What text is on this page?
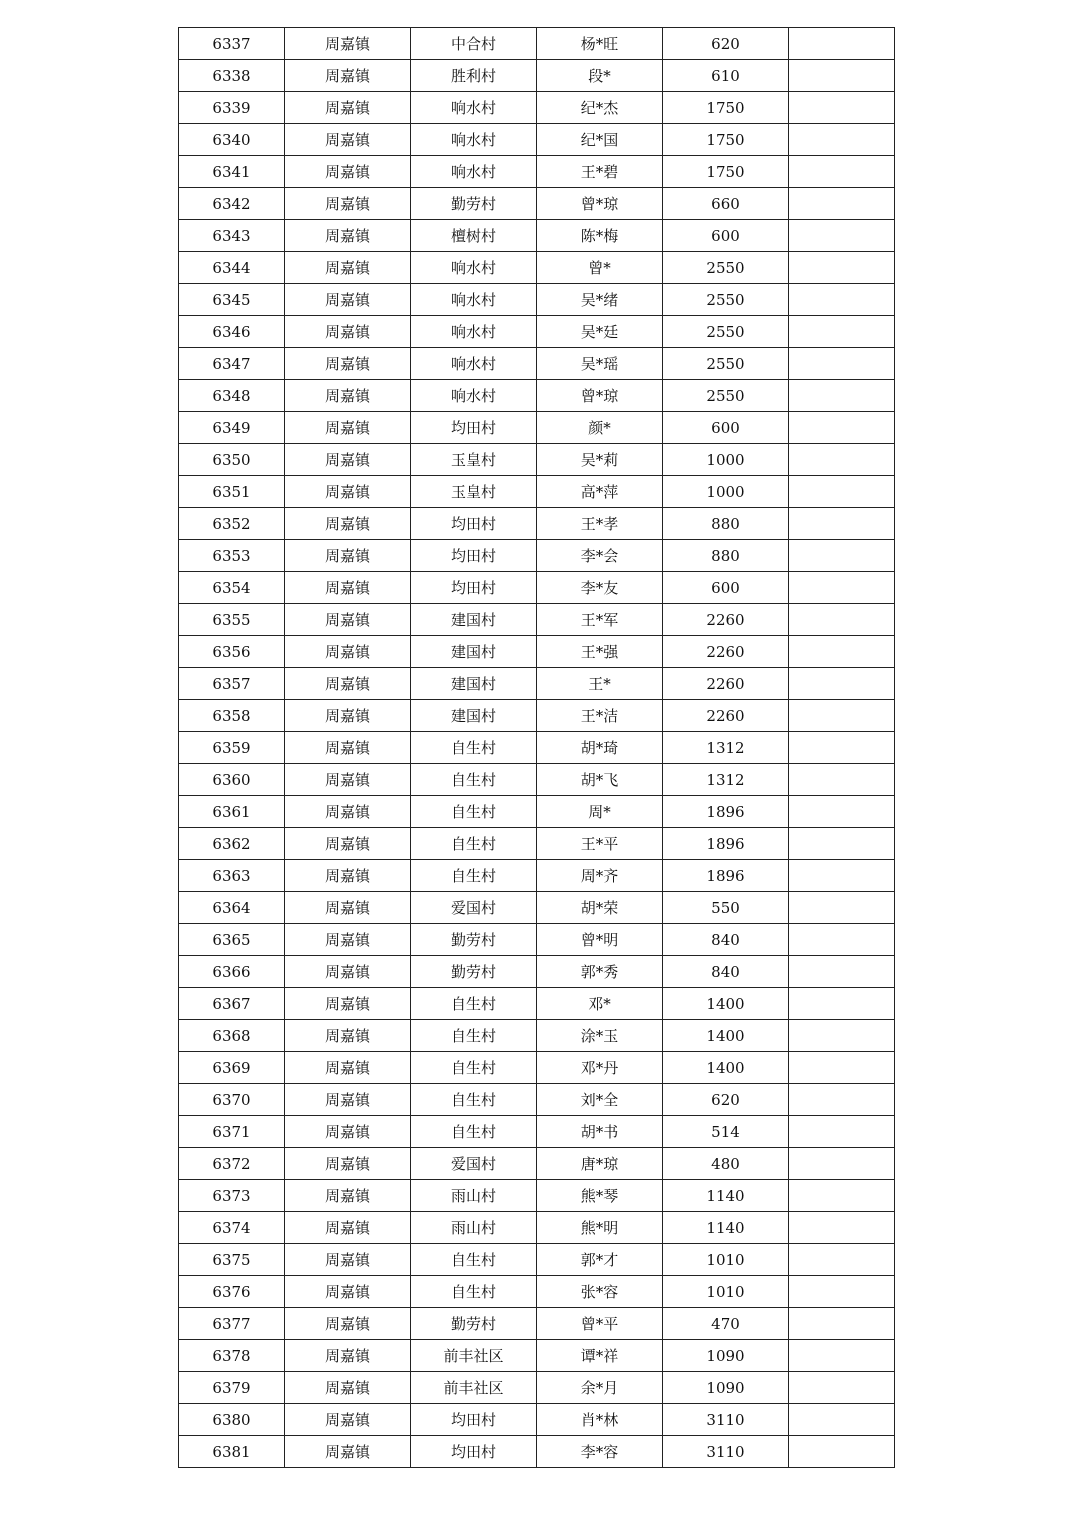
6337	周嘉镇	中合村	杨*旺	620	
6338	周嘉镇	胜利村	段*	610	
6339	周嘉镇	响水村	纪*杰	1750	
6340	周嘉镇	响水村	纪*国	1750	
6341	周嘉镇	响水村	王*碧	1750	
6342	周嘉镇	勤劳村	曾*琼	660	
6343	周嘉镇	檀树村	陈*梅	600	
6344	周嘉镇	响水村	曾*	2550	
6345	周嘉镇	响水村	吴*绪	2550	
6346	周嘉镇	响水村	吴*廷	2550	
6347	周嘉镇	响水村	吴*瑶	2550	
6348	周嘉镇	响水村	曾*琼	2550	
6349	周嘉镇	均田村	颜*	600	
6350	周嘉镇	玉皇村	吴*莉	1000	
6351	周嘉镇	玉皇村	高*萍	1000	
6352	周嘉镇	均田村	王*孝	880	
6353	周嘉镇	均田村	李*会	880	
6354	周嘉镇	均田村	李*友	600	
6355	周嘉镇	建国村	王*军	2260	
6356	周嘉镇	建国村	王*强	2260	
6357	周嘉镇	建国村	王*	2260	
6358	周嘉镇	建国村	王*洁	2260	
6359	周嘉镇	自生村	胡*琦	1312	
6360	周嘉镇	自生村	胡*飞	1312	
6361	周嘉镇	自生村	周*	1896	
6362	周嘉镇	自生村	王*平	1896	
6363	周嘉镇	自生村	周*齐	1896	
6364	周嘉镇	爱国村	胡*荣	550	
6365	周嘉镇	勤劳村	曾*明	840	
6366	周嘉镇	勤劳村	郭*秀	840	
6367	周嘉镇	自生村	邓*	1400	
6368	周嘉镇	自生村	涂*玉	1400	
6369	周嘉镇	自生村	邓*丹	1400	
6370	周嘉镇	自生村	刘*全	620	
6371	周嘉镇	自生村	胡*书	514	
6372	周嘉镇	爱国村	唐*琼	480	
6373	周嘉镇	雨山村	熊*琴	1140	
6374	周嘉镇	雨山村	熊*明	1140	
6375	周嘉镇	自生村	郭*才	1010	
6376	周嘉镇	自生村	张*容	1010	
6377	周嘉镇	勤劳村	曾*平	470	
6378	周嘉镇	前丰社区	谭*祥	1090	
6379	周嘉镇	前丰社区	余*月	1090	
6380	周嘉镇	均田村	肖*林	3110	
6381	周嘉镇	均田村	李*容	3110	
